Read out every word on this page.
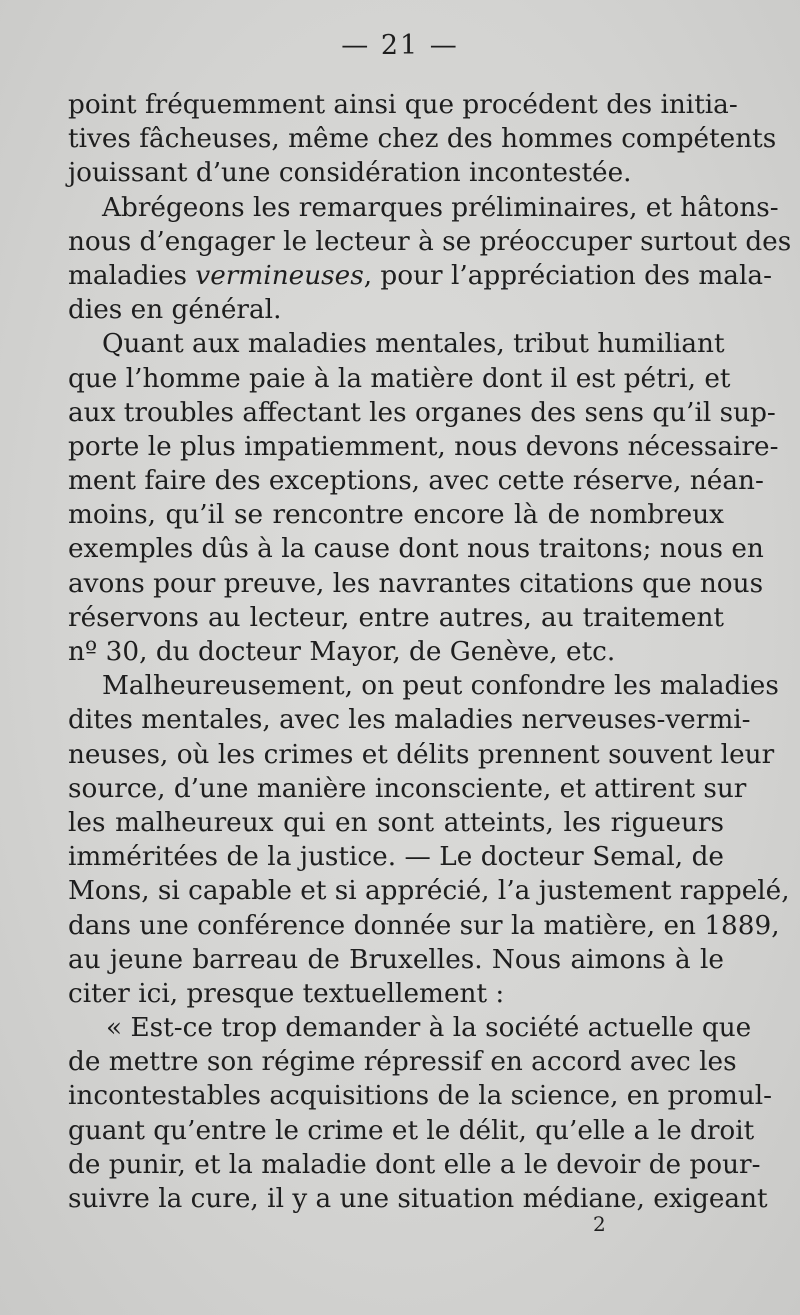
— 21 —
point fréquemment ainsi que procédent des initia-
tives fâcheuses, même chez des hommes compétents
jouissant d’une considération incontestée.
Abrégeons les remarques préliminaires, et hâtons-
nous d’engager le lecteur à se préoccuper surtout des
maladies vermineuses, pour l’appréciation des mala-
dies en général.
Quant aux maladies mentales, tribut humiliant
que l’homme paie à la matière dont il est pétri, et
aux troubles affectant les organes des sens qu’il sup-
porte le plus impatiemment, nous devons nécessaire-
ment faire des exceptions, avec cette réserve, néan-
moins, qu’il se rencontre encore là de nombreux
exemples dûs à la cause dont nous traitons; nous en
avons pour preuve, les navrantes citations que nous
réservons au lecteur, entre autres, au traitement
nº 30, du docteur Mayor, de Genève, etc.
Malheureusement, on peut confondre les maladies
dites mentales, avec les maladies nerveuses-vermi-
neuses, où les crimes et délits prennent souvent leur
source, d’une manière inconsciente, et attirent sur
les malheureux qui en sont atteints, les rigueurs
imméritées de la justice. — Le docteur Semal, de
Mons, si capable et si apprécié, l’a justement rappelé,
dans une conférence donnée sur la matière, en 1889,
au jeune barreau de Bruxelles. Nous aimons à le
citer ici, presque textuellement :
« Est-ce trop demander à la société actuelle que
de mettre son régime répressif en accord avec les
incontestables acquisitions de la science, en promul-
guant qu’entre le crime et le délit, qu’elle a le droit
de punir, et la maladie dont elle a le devoir de pour-
suivre la cure, il y a une situation médiane, exigeant
2
